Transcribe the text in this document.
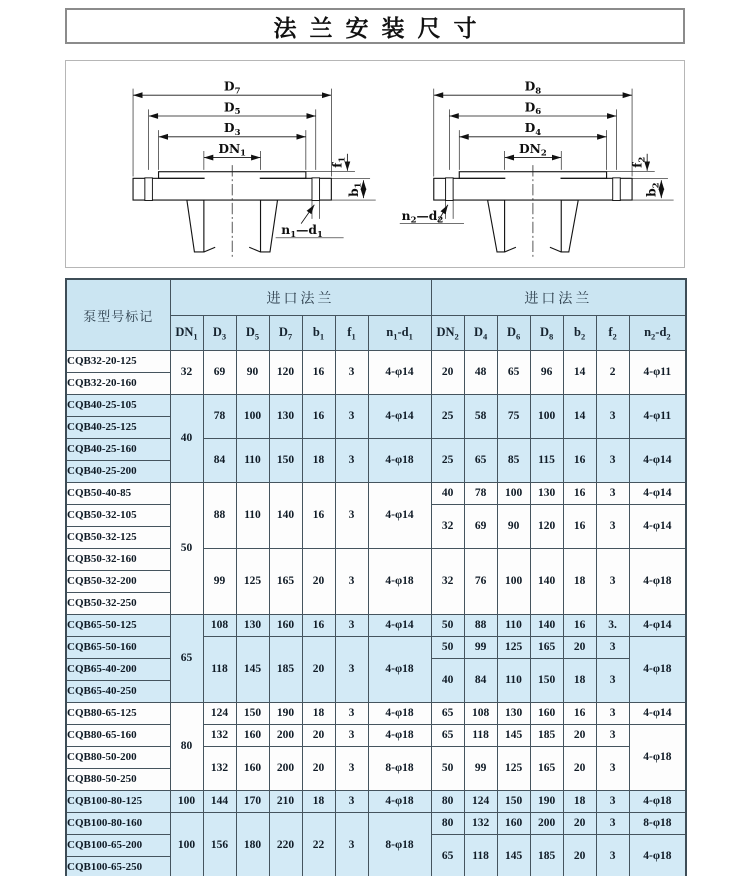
法兰安装尺寸
$D_7$
$D_5$
$D_3$
$DN_1$
$f_1$
$b_1$
$n_1—d_1$
$D_8$
$D_6$
$D_4$
$DN_2$
$f_2$
$b_2$
$n_2—d_2$
泵型号标记	进口法兰							进口法兰						
	$DN_1$	$D_3$	$D_5$	$D_7$	$b_1$	$f_1$	$n_1-d_1$	$DN_2$	$D_4$	$D_6$	$D_8$	$b_2$	$f_2$	$n_2-d_2$
CQB32-20-125	32	69	90	120	16	3	4-φ14	20	48	65	96	14	2	4-φ11
CQB32-20-160														
CQB40-25-105	40	78	100	130	16	3	4-φ14	25	58	75	100	14	3	4-φ11
CQB40-25-125														
CQB40-25-160		84	110	150	18	3	4-φ18	25	65	85	115	16	3	4-φ14
CQB40-25-200														
CQB50-40-85	50	88	110	140	16	3	4-φ14	40	78	100	130	16	3	4-φ14
CQB50-32-105								32	69	90	120	16	3	4-φ14
CQB50-32-125														
CQB50-32-160		99	125	165	20	3	4-φ18	32	76	100	140	18	3	4-φ18
CQB50-32-200														
CQB50-32-250														
CQB65-50-125	65	108	130	160	16	3	4-φ14	50	88	110	140	16	3.	4-φ14
CQB65-50-160		118	145	185	20	3	4-φ18	50	99	125	165	20	3	4-φ18
CQB65-40-200								40	84	110	150	18	3	
CQB65-40-250														
CQB80-65-125	80	124	150	190	18	3	4-φ18	65	108	130	160	16	3	4-φ14
CQB80-65-160		132	160	200	20	3	4-φ18	65	118	145	185	20	3	4-φ18
CQB80-50-200		132	160	200	20	3	8-φ18	50	99	125	165	20	3	
CQB80-50-250														
CQB100-80-125	100	144	170	210	18	3	4-φ18	80	124	150	190	18	3	4-φ18
CQB100-80-160	100	156	180	220	22	3	8-φ18	80	132	160	200	20	3	8-φ18
CQB100-65-200								65	118	145	185	20	3	4-φ18
CQB100-65-250														
